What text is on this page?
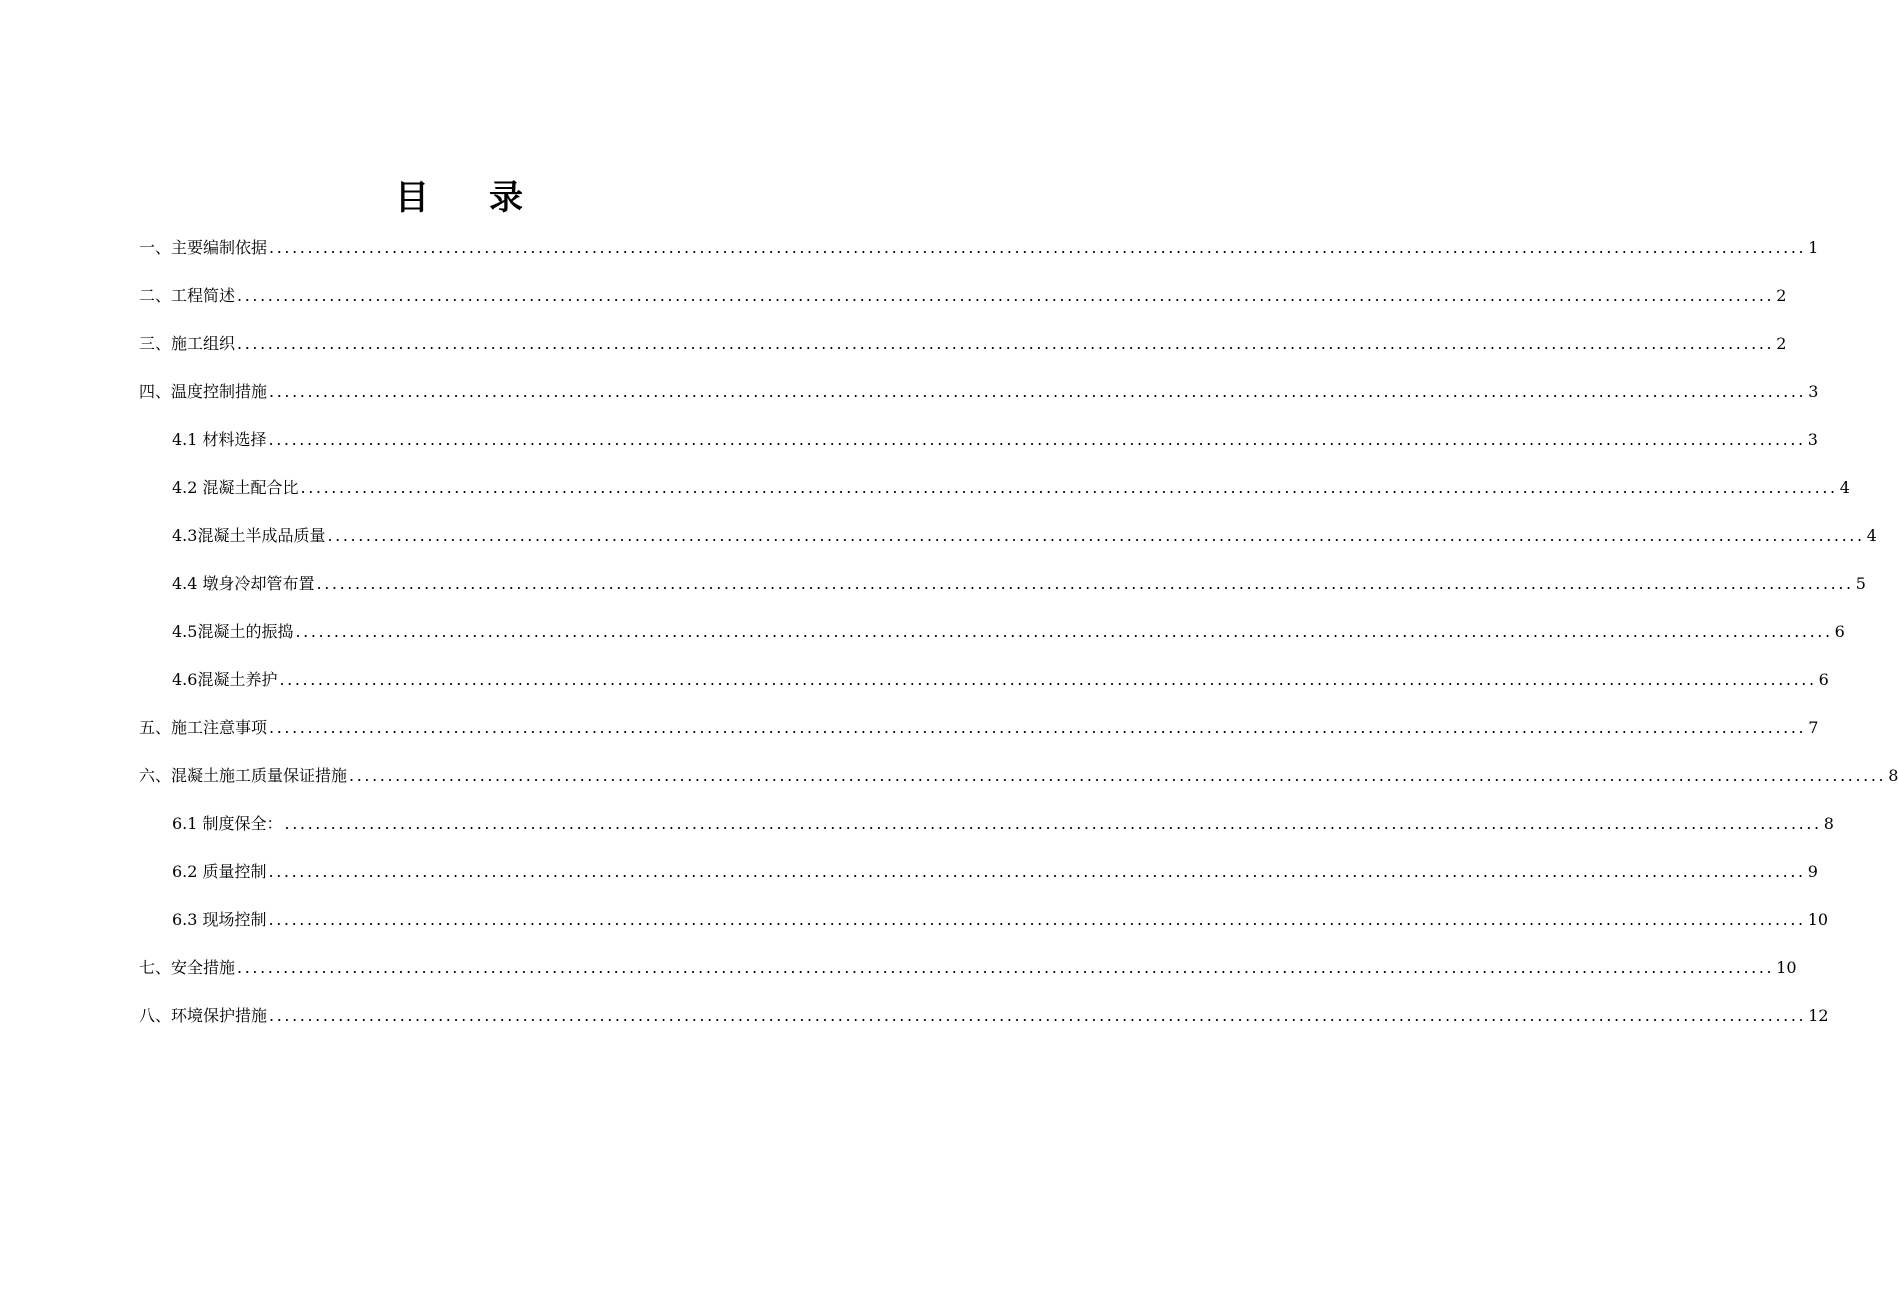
目 录
一、主要编制依据 ........................................................................................................................................................................................................ 1
二、工程简述 ........................................................................................................................................................................................................ 2
三、施工组织 ........................................................................................................................................................................................................ 2
四、温度控制措施 ........................................................................................................................................................................................................ 3
4.1 材料选择 ........................................................................................................................................................................................................ 3
4.2 混凝土配合比 ........................................................................................................................................................................................................ 4
4.3混凝土半成品质量 ........................................................................................................................................................................................................ 4
4.4 墩身冷却管布置 ........................................................................................................................................................................................................ 5
4.5混凝土的振捣 ........................................................................................................................................................................................................ 6
4.6混凝土养护 ........................................................................................................................................................................................................ 6
五、施工注意事项 ........................................................................................................................................................................................................ 7
六、混凝土施工质量保证措施 ........................................................................................................................................................................................................ 8
6.1 制度保全： ........................................................................................................................................................................................................ 8
6.2 质量控制 ........................................................................................................................................................................................................ 9
6.3 现场控制 ........................................................................................................................................................................................................ 10
七、安全措施 ........................................................................................................................................................................................................ 10
八、环境保护措施 ........................................................................................................................................................................................................ 12
